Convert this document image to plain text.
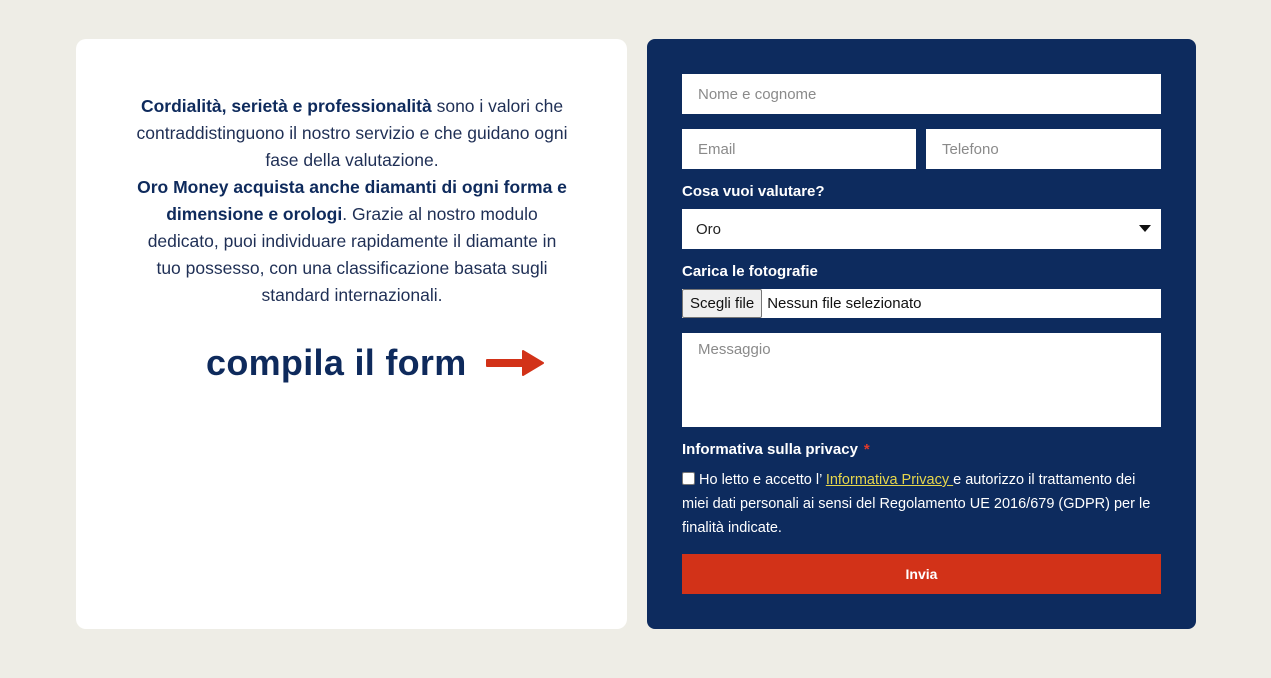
Cordialità, serietà e professionalità sono i valori che contraddistinguono il nostro servizio e che guidano ogni fase della valutazione.
Oro Money acquista anche diamanti di ogni forma e dimensione e orologi. Grazie al nostro modulo dedicato, puoi individuare rapidamente il diamante in tuo possesso, con una classificazione basata sugli standard internazionali.
compila il form
Nome e cognome
Email
Telefono
Cosa vuoi valutare?
Oro
Carica le fotografie
Scegli file Nessun file selezionato
Messaggio
Informativa sulla privacy *
Ho letto e accetto l’ Informativa Privacy e autorizzo il trattamento dei miei dati personali ai sensi del Regolamento UE 2016/679 (GDPR) per le finalità indicate.
Invia
